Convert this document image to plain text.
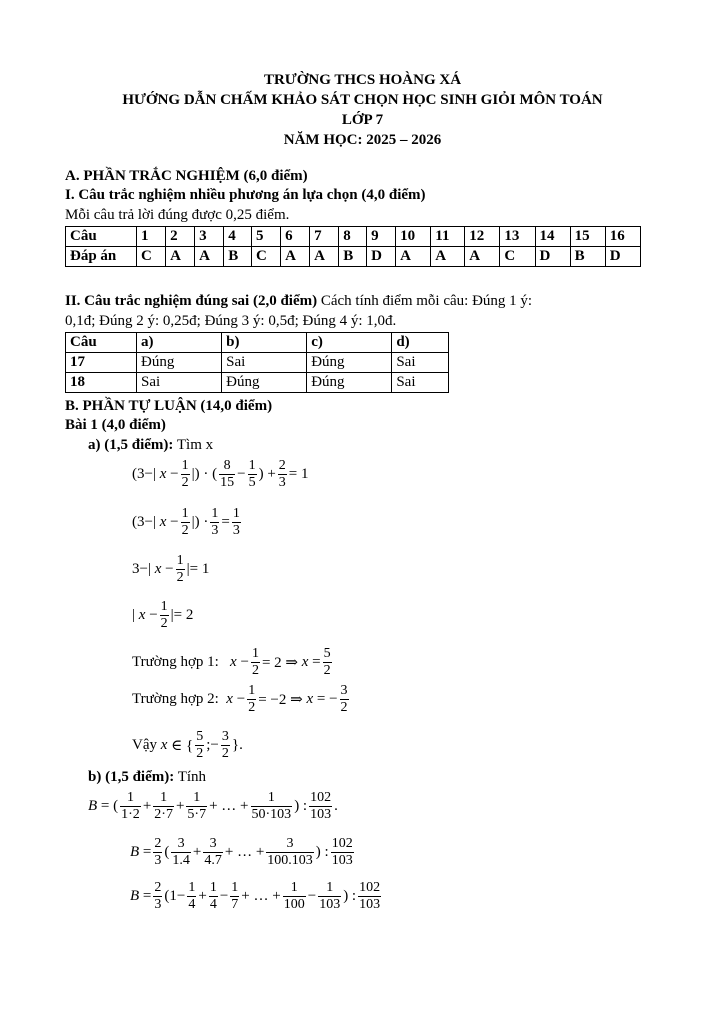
TRƯỜNG THCS HOÀNG XÁ
HƯỚNG DẪN CHẤM KHẢO SÁT CHỌN HỌC SINH GIỎI MÔN TOÁN
LỚP 7
NĂM HỌC: 2025 – 2026
A. PHẦN TRẮC NGHIỆM (6,0 điểm)
I. Câu trắc nghiệm nhiều phương án lựa chọn (4,0 điểm)
Mỗi câu trả lời đúng được 0,25 điểm.
Câu	1	2	3	4	5	6	7	8	9	10	11	12	13	14	15	16
Đáp án	C	A	A	B	C	A	A	B	D	A	A	A	C	D	B	D
II. Câu trắc nghiệm đúng sai (2,0 điểm) Cách tính điểm mỗi câu: Đúng 1 ý:
0,1đ; Đúng 2 ý: 0,25đ; Đúng 3 ý: 0,5đ; Đúng 4 ý: 1,0đ.
Câu	a)	b)	c)	d)
17	Đúng	Sai	Đúng	Sai
18	Sai	Đúng	Đúng	Sai
B. PHẦN TỰ LUẬN (14,0 điểm)
Bài 1 (4,0 điểm)
a) (1,5 điểm): Tìm x
(3−| $x - \frac{1}{2}$ |) · ( $\frac{8}{15} - \frac{1}{5}$ ) + $\frac{2}{3} = 1$
(3−| $x - \frac{1}{2}$ |) · $\frac{1}{3} = \frac{1}{3}$
3−| $x - \frac{1}{2}$ |= 1
| $x - \frac{1}{2}$ |= 2
Trường hợp 1:
$x - \frac{1}{2} = 2$ ⇒ $x = \frac{5}{2}$
Trường hợp 2:
$x - \frac{1}{2} = -2$ ⇒ x = − $\frac{3}{2}$
Vậy
x ∈ { $\frac{5}{2}$ ;− $\frac{3}{2}$ }.
b) (1,5 điểm): Tính
B = ( $\frac{1}{1\cdot 2} + \frac{1}{2\cdot 7} + \frac{1}{5\cdot 7}$ + … + $\frac{1}{50\cdot 103}$ ) : $\frac{102}{103}$ .
$B = \frac{2}{3}$ ( $\frac{3}{1.4} + \frac{3}{4.7}$ + … + $\frac{3}{100.103}$ ) : $\frac{102}{103}$
$B = \frac{2}{3} (1- \frac{1}{4} + \frac{1}{4} - \frac{1}{7}$ + … + $\frac{1}{100} - \frac{1}{103}$ ) : $\frac{102}{103}$
